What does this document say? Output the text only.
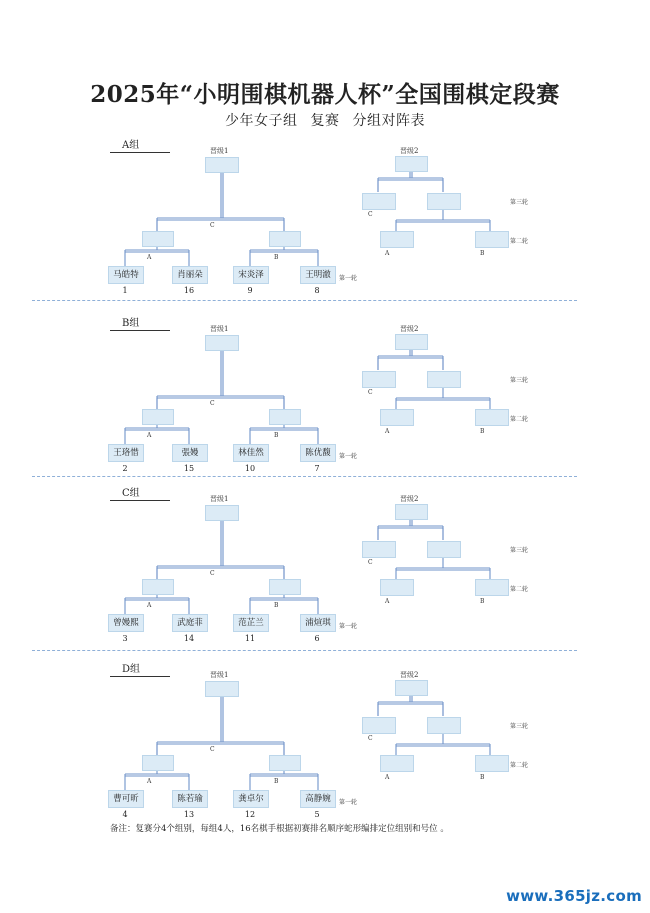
2025年“小明围棋机器人杯”全国围棋定段赛
少年女子组 复赛 分组对阵表
A组	晋级1
C
A	B
马皓特
1
肖丽朵
16
宋炎泽
9
王明澈
8
第一轮
晋级2
C
第三轮
A	B
第二轮
B组	晋级1
C
A	B
王珞惜
2
張嫚
15
林佳然
10
陈优馥
7
第一轮
晋级2
C
第三轮
A	B
第二轮
C组	晋级1
C
A	B
曾嫚熙
3
武庭菲
14
范芷兰
11
浦煊琪
6
第一轮
晋级2
C
第三轮
A	B
第二轮
D组	晋级1
C
A	B
曹可昕
4
陈若瑜
13
龚卓尔
12
高静婉
5
第一轮
晋级2
C
第三轮
A	B
第二轮
备注：复赛分4个组别，每组4人，16名棋手根据初赛排名顺序蛇形编排定位组别和号位 。
www.365jz.com
